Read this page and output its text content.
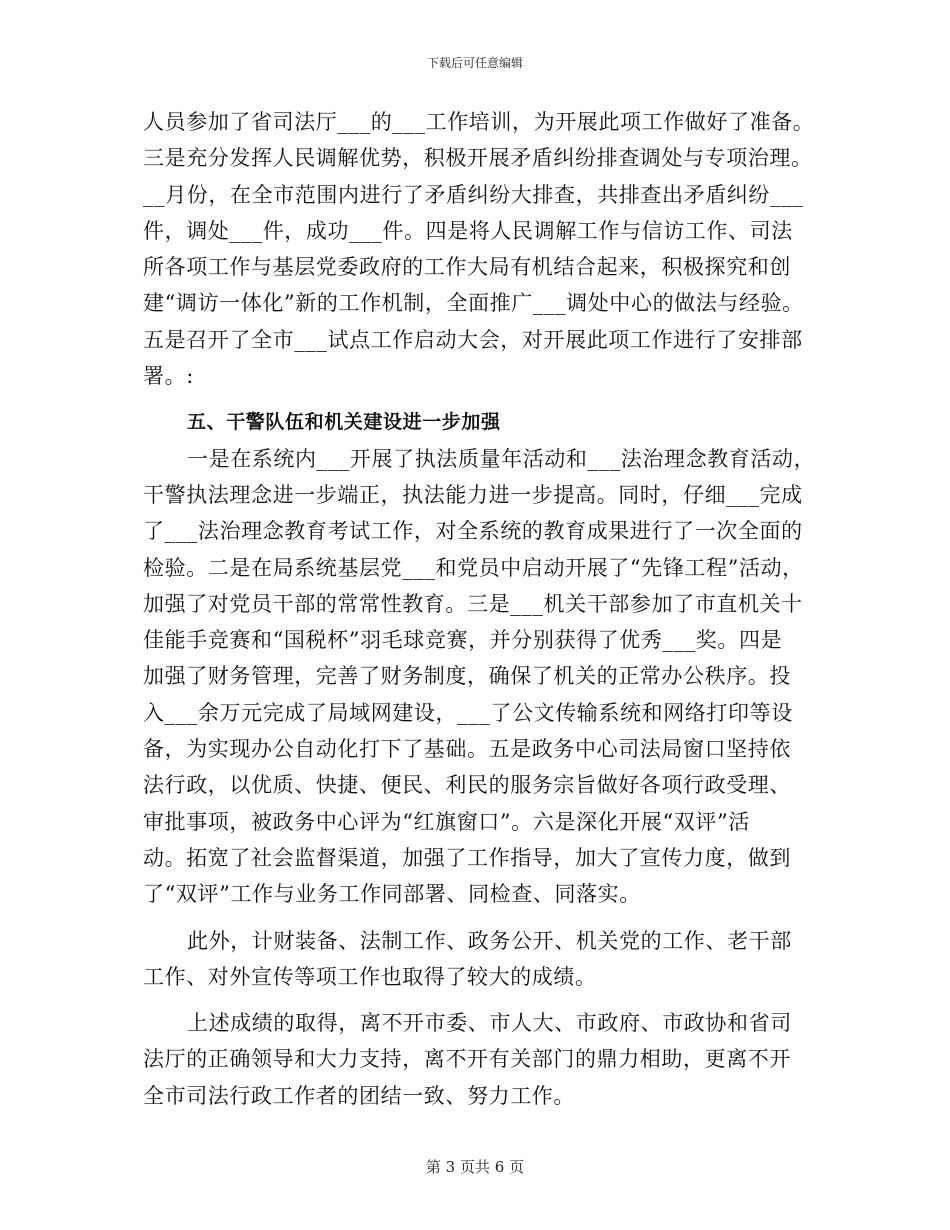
下载后可任意编辑
人员参加了省司法厅___的___工作培训，为开展此项工作做好了准备。
三是充分发挥人民调解优势，积极开展矛盾纠纷排查调处与专项治理。
__月份，在全市范围内进行了矛盾纠纷大排查，共排查出矛盾纠纷___
件，调处___件，成功___件。四是将人民调解工作与信访工作、司法
所各项工作与基层党委政府的工作大局有机结合起来，积极探究和创
建“调访一体化”新的工作机制，全面推广___调处中心的做法与经验。
五是召开了全市___试点工作启动大会，对开展此项工作进行了安排部
署。:
五、干警队伍和机关建设进一步加强
一是在系统内___开展了执法质量年活动和___法治理念教育活动，
干警执法理念进一步端正，执法能力进一步提高。同时，仔细___完成
了___法治理念教育考试工作，对全系统的教育成果进行了一次全面的
检验。二是在局系统基层党___和党员中启动开展了“先锋工程”活动，
加强了对党员干部的常常性教育。三是___机关干部参加了市直机关十
佳能手竞赛和“国税杯”羽毛球竞赛，并分别获得了优秀___奖。四是
加强了财务管理，完善了财务制度，确保了机关的正常办公秩序。投
入___余万元完成了局域网建设，___了公文传输系统和网络打印等设
备，为实现办公自动化打下了基础。五是政务中心司法局窗口坚持依
法行政，以优质、快捷、便民、利民的服务宗旨做好各项行政受理、
审批事项，被政务中心评为“红旗窗口”。六是深化开展“双评”活
动。拓宽了社会监督渠道，加强了工作指导，加大了宣传力度，做到
了“双评”工作与业务工作同部署、同检查、同落实。
此外，计财装备、法制工作、政务公开、机关党的工作、老干部
工作、对外宣传等项工作也取得了较大的成绩。
上述成绩的取得，离不开市委、市人大、市政府、市政协和省司
法厅的正确领导和大力支持，离不开有关部门的鼎力相助，更离不开
全市司法行政工作者的团结一致、努力工作。
第 3 页共 6 页
